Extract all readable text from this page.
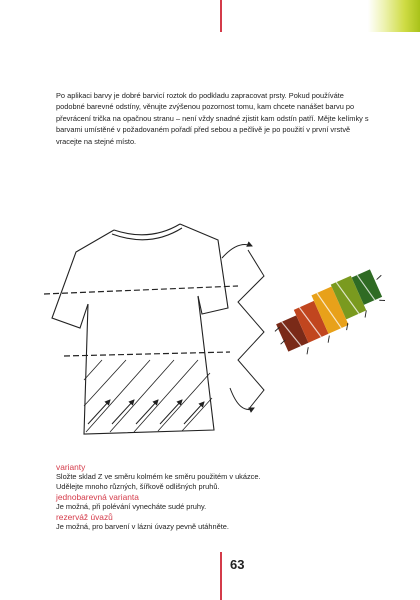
Po aplikaci barvy je dobré barvicí roztok do podkladu zapracovat prsty. Pokud používáte podobné barevné odstíny, věnujte zvýšenou pozornost tomu, kam chcete nanášet barvu po převrácení trička na opačnou stranu – není vždy snadné zjistit kam odstín patří. Mějte kelímky s barvami umístěné v požadovaném pořadí před sebou a pečlivě je po použití v první vrstvě vracejte na stejné místo.

varianty
Složte sklad Z ve směru kolmém ke směru použitém v ukázce.
Udělejte mnoho různých, šířkově odlišných pruhů.
jednobarevná varianta
Je možná, při polévání vynecháte sudé pruhy.
rezerváž úvazů
Je možná, pro barvení v lázni úvazy pevně utáhněte.
63
